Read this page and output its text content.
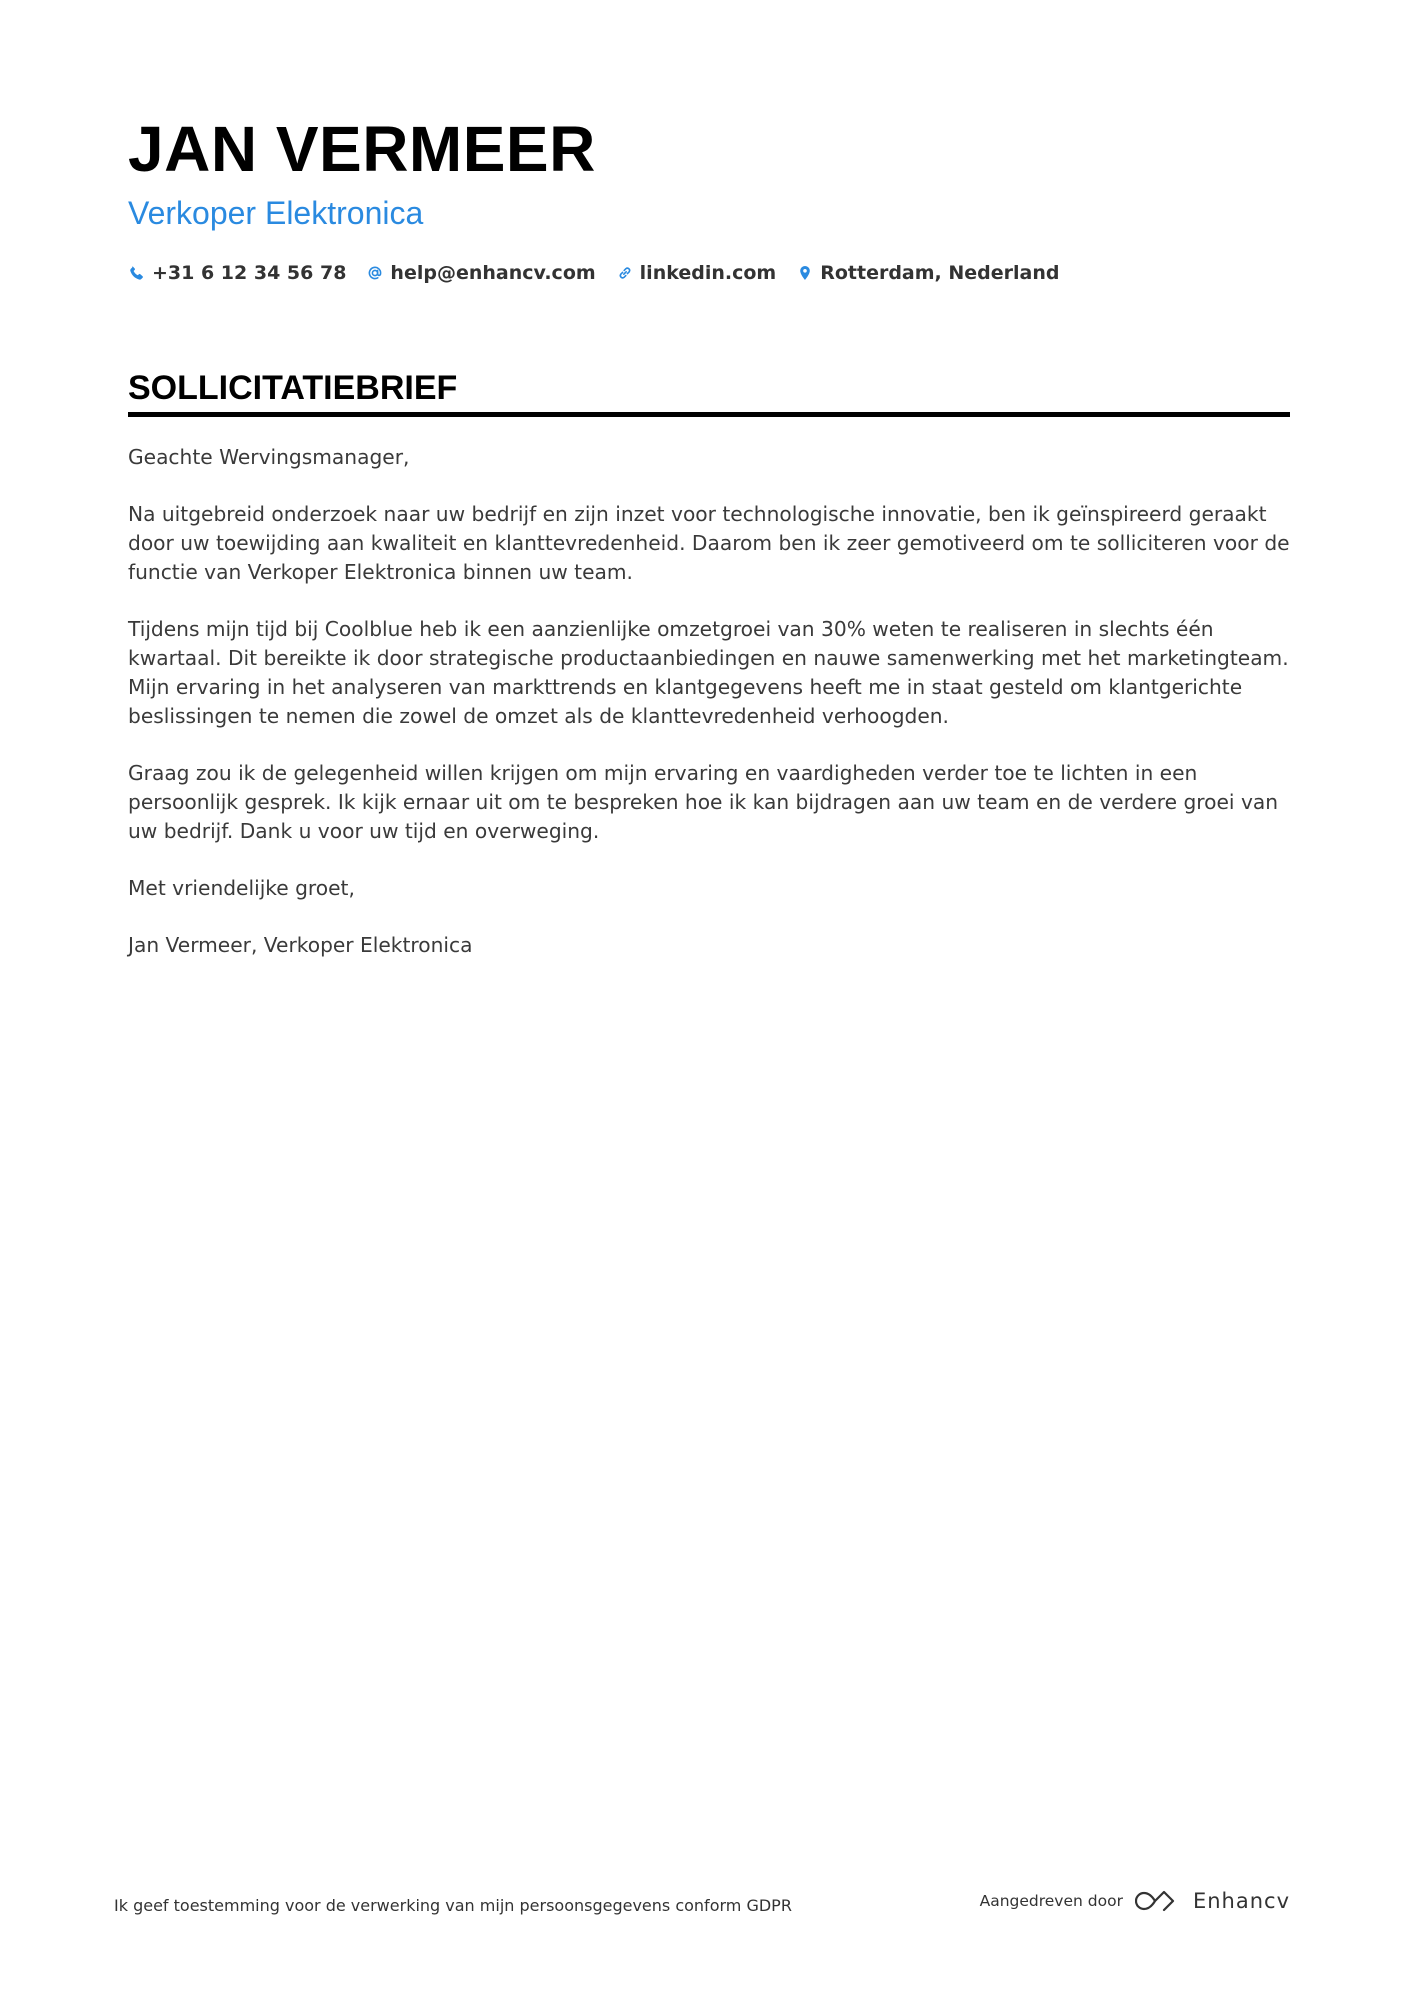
JAN VERMEER
Verkoper Elektronica
+31 6 12 34 56 78 help@enhancv.com linkedin.com Rotterdam, Nederland
SOLLICITATIEBRIEF

Geachte Wervingsmanager,

Na uitgebreid onderzoek naar uw bedrijf en zijn inzet voor technologische innovatie, ben ik geïnspireerd geraakt door uw toewijding aan kwaliteit en klanttevredenheid. Daarom ben ik zeer gemotiveerd om te solliciteren voor de functie van Verkoper Elektronica binnen uw team.

Tijdens mijn tijd bij Coolblue heb ik een aanzienlijke omzetgroei van 30% weten te realiseren in slechts één kwartaal. Dit bereikte ik door strategische productaanbiedingen en nauwe samenwerking met het marketingteam. Mijn ervaring in het analyseren van markttrends en klantgegevens heeft me in staat gesteld om klantgerichte beslissingen te nemen die zowel de omzet als de klanttevredenheid verhoogden.

Graag zou ik de gelegenheid willen krijgen om mijn ervaring en vaardigheden verder toe te lichten in een persoonlijk gesprek. Ik kijk ernaar uit om te bespreken hoe ik kan bijdragen aan uw team en de verdere groei van uw bedrijf. Dank u voor uw tijd en overweging.

Met vriendelijke groet,

Jan Vermeer, Verkoper Elektronica

Ik geef toestemming voor de verwerking van mijn persoonsgegevens conform GDPR	Aangedreven door	Enhancv
